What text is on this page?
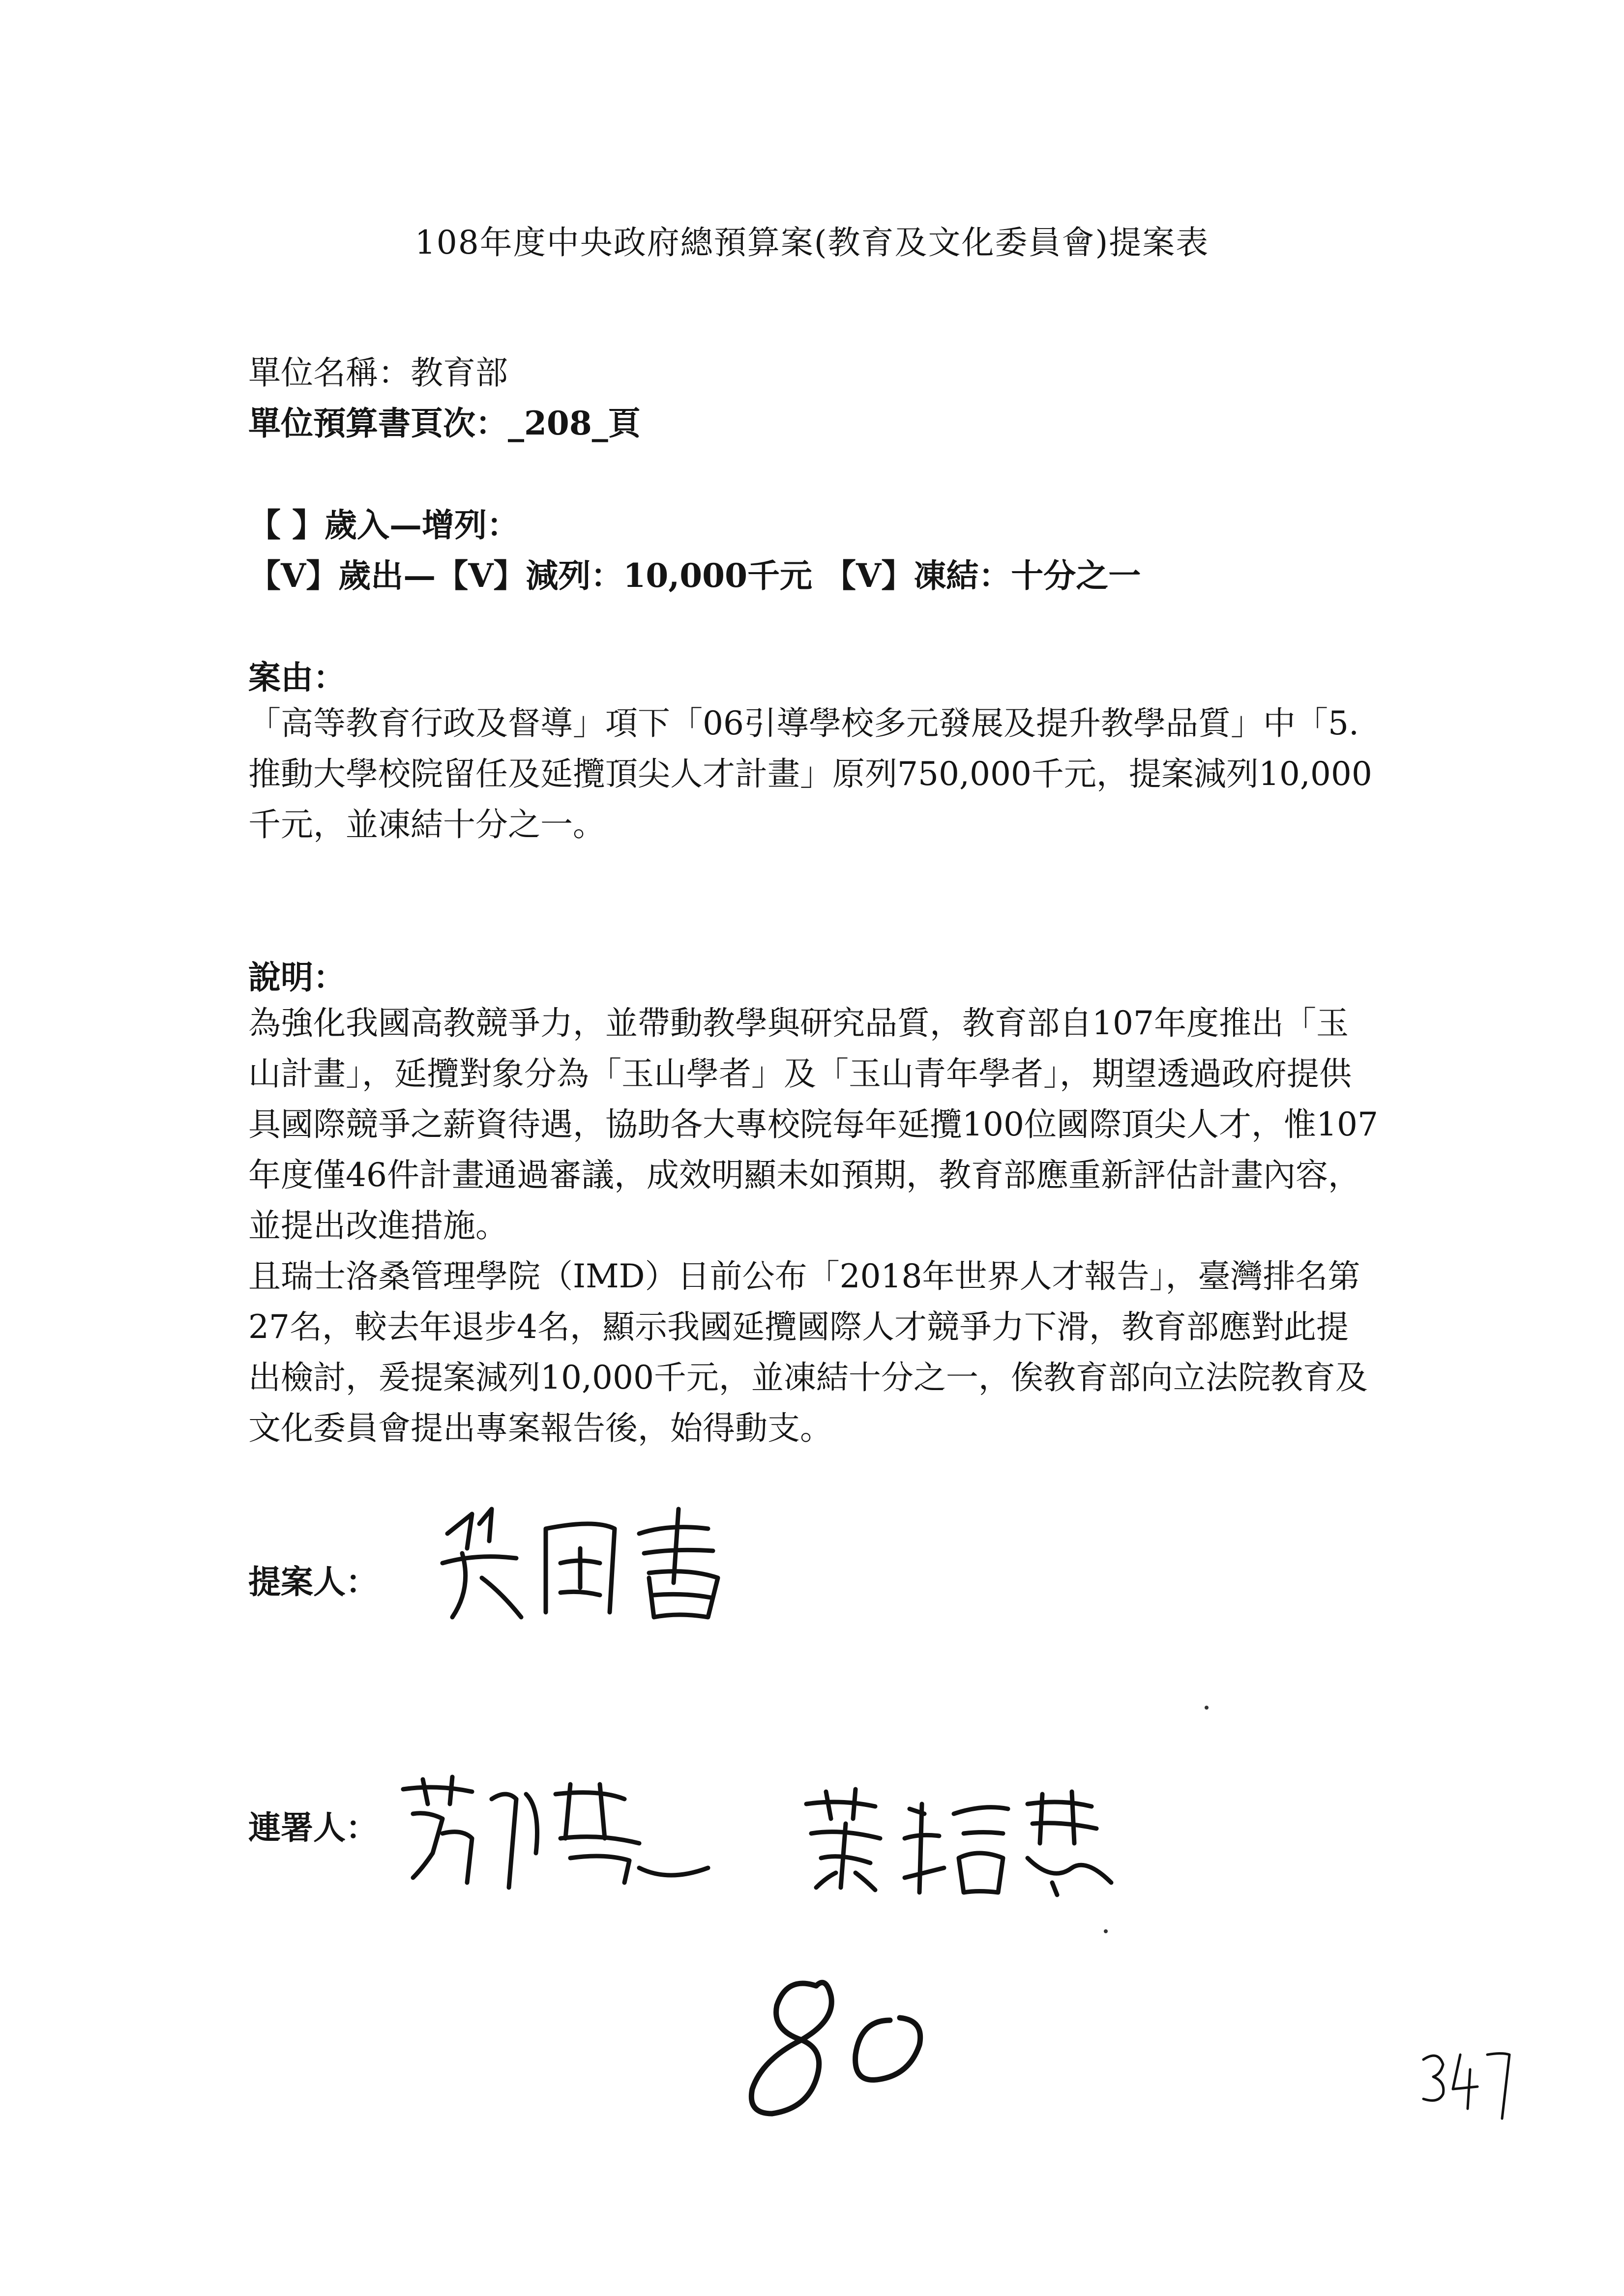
108年度中央政府總預算案(教育及文化委員會)提案表
單位名稱：教育部
單位預算書頁次：_208_頁
【 】歲入—增列：
【V】歲出—【V】減列：10,000千元 【V】凍結：十分之一
案由：

「高等教育行政及督導」項下「06引導學校多元發展及提升教學品質」中「5.推動大學校院留任及延攬頂尖人才計畫」原列750,000千元，提案減列10,000千元，並凍結十分之一。

說明：

為強化我國高教競爭力，並帶動教學與研究品質，教育部自107年度推出「玉山計畫」，延攬對象分為「玉山學者」及「玉山青年學者」，期望透過政府提供具國際競爭之薪資待遇，協助各大專校院每年延攬100位國際頂尖人才，惟107年度僅46件計畫通過審議，成效明顯未如預期，教育部應重新評估計畫內容，並提出改進措施。

且瑞士洛桑管理學院（IMD）日前公布「2018年世界人才報告」，臺灣排名第27名，較去年退步4名，顯示我國延攬國際人才競爭力下滑，教育部應對此提出檢討，爰提案減列10,000千元，並凍結十分之一，俟教育部向立法院教育及文化委員會提出專案報告後，始得動支。

提案人：
連署人：
